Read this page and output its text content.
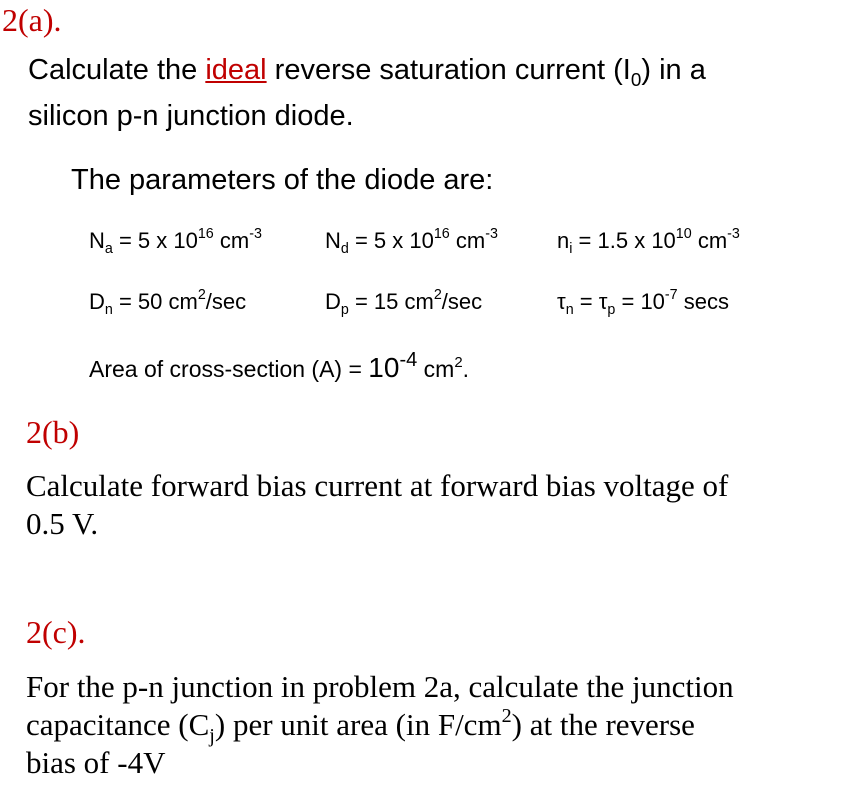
2(a).
Calculate the ideal reverse saturation current $(I_0)$ in a
silicon p-n junction diode.
The parameters of the diode are:
$N_a = 5$ x $10^{16}$ $cm^{-3}$	$N_d = 5$ x $10^{16}$ $cm^{-3}$	$n_i = 1.5$ x $10^{10}$ $cm^{-3}$
$D_n = 50$ $cm^2/\sec$	$D_p = 15$ $cm^2/\sec$	$\tau_n = \tau_p = 10^{-7}$ secs
Area of cross-section $(A) = 10^{-4}$ $cm^2$.
2(b)
Calculate forward bias current at forward bias voltage of
0.5 V.
2(c).
For the p-n junction in problem 2a, calculate the junction
capacitance $(C_j)$ per unit area (in $F/cm^2$) at the reverse
bias of -4V
